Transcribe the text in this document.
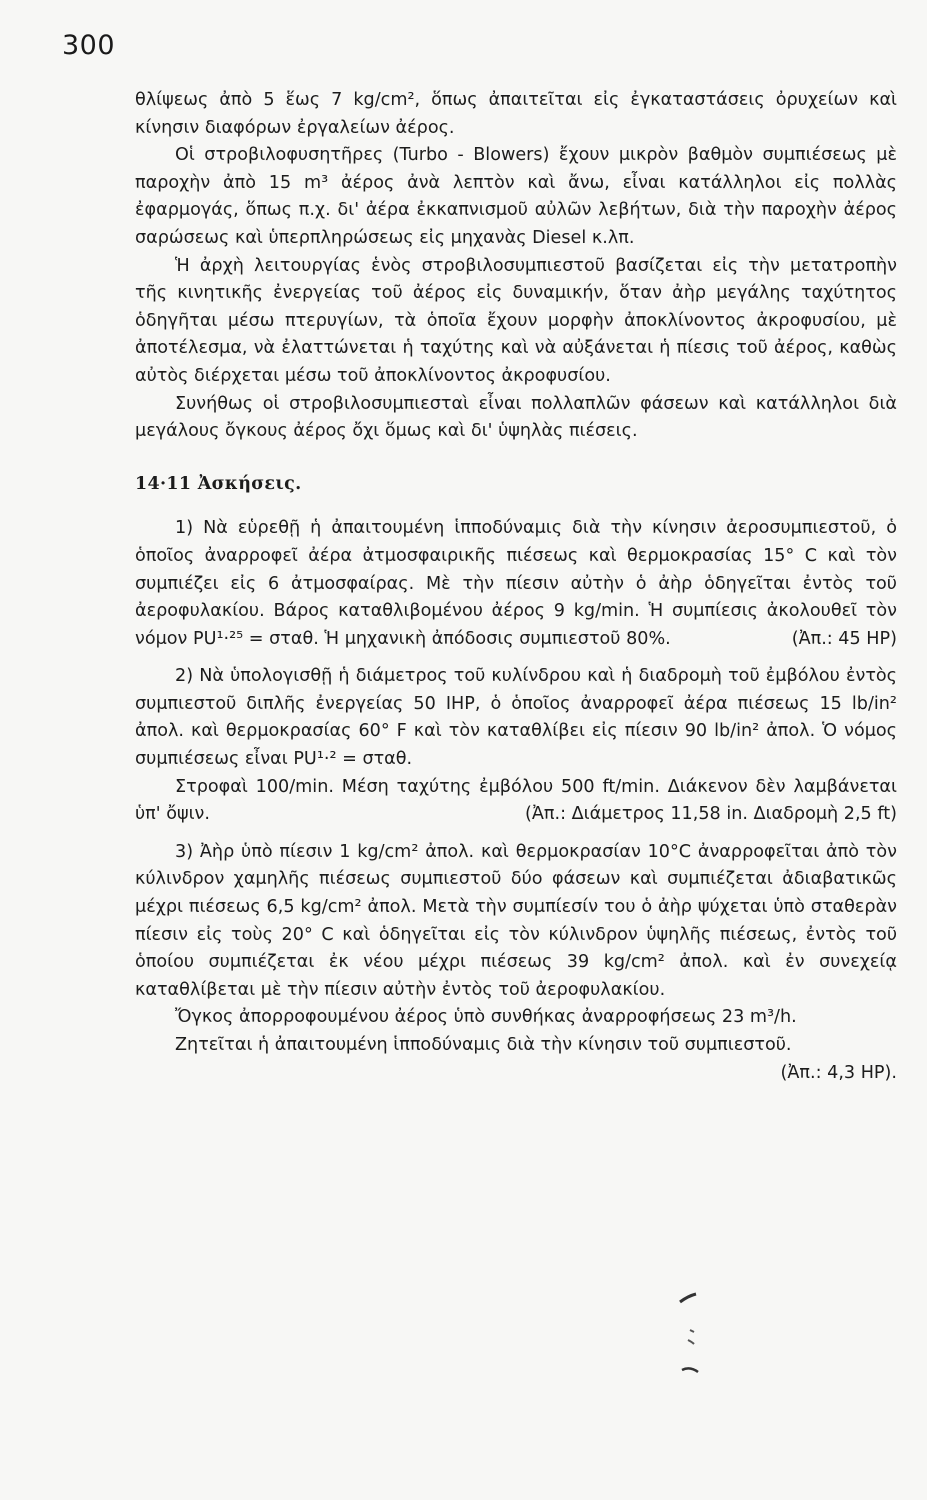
300

θλίψεως ἀπὸ 5 ἕως 7 kg/cm², ὅπως ἀπαιτεῖται εἰς ἐγκαταστάσεις ὀρυχείων καὶ κίνησιν διαφόρων ἐργαλείων ἀέρος.

Οἱ στροβιλοφυσητῆρες (Turbo - Blowers) ἔχουν μικρὸν βαθμὸν συμπιέσεως μὲ παροχὴν ἀπὸ 15 m³ ἀέρος ἀνὰ λεπτὸν καὶ ἄνω, εἶναι κατάλληλοι εἰς πολλὰς ἐφαρμογάς, ὅπως π.χ. δι' ἀέρα ἐκκαπνισμοῦ αὐλῶν λεβήτων, διὰ τὴν παροχὴν ἀέρος σαρώσεως καὶ ὑπερπληρώσεως εἰς μηχανὰς Diesel κ.λπ.

Ἡ ἀρχὴ λειτουργίας ἑνὸς στροβιλοσυμπιεστοῦ βασίζεται εἰς τὴν μετατροπὴν τῆς κινητικῆς ἐνεργείας τοῦ ἀέρος εἰς δυναμικήν, ὅταν ἀὴρ μεγάλης ταχύτητος ὁδηγῆται μέσω πτερυγίων, τὰ ὁποῖα ἔχουν μορφὴν ἀποκλίνοντος ἀκροφυσίου, μὲ ἀποτέλεσμα, νὰ ἐλαττώνεται ἡ ταχύτης καὶ νὰ αὐξάνεται ἡ πίεσις τοῦ ἀέρος, καθὼς αὐτὸς διέρχεται μέσω τοῦ ἀποκλίνοντος ἀκροφυσίου.

Συνήθως οἱ στροβιλοσυμπιεσταὶ εἶναι πολλαπλῶν φάσεων καὶ κατάλληλοι διὰ μεγάλους ὄγκους ἀέρος ὄχι ὅμως καὶ δι' ὑψηλὰς πιέσεις.

14·11 Ἀσκήσεις.

1) Νὰ εὑρεθῇ ἡ ἀπαιτουμένη ἱπποδύναμις διὰ τὴν κίνησιν ἀεροσυμπιεστοῦ, ὁ ὁποῖος ἀναρροφεῖ ἀέρα ἀτμοσφαιρικῆς πιέσεως καὶ θερμοκρασίας 15° C καὶ τὸν συμπιέζει εἰς 6 ἀτμοσφαίρας. Μὲ τὴν πίεσιν αὐτὴν ὁ ἀὴρ ὁδηγεῖται ἐντὸς τοῦ ἀεροφυλακίου. Βάρος καταθλιβομένου ἀέρος 9 kg/min. Ἡ συμπίεσις ἀκολουθεῖ τὸν νόμον PU¹·²⁵ = σταθ. Ἡ μηχανικὴ ἀπόδοσις συμπιεστοῦ 80%.	(Ἀπ.: 45 HP)

2) Νὰ ὑπολογισθῇ ἡ διάμετρος τοῦ κυλίνδρου καὶ ἡ διαδρομὴ τοῦ ἐμβόλου ἐντὸς συμπιεστοῦ διπλῆς ἐνεργείας 50 IHP, ὁ ὁποῖος ἀναρροφεῖ ἀέρα πιέσεως 15 lb/in² ἀπολ. καὶ θερμοκρασίας 60° F καὶ τὸν καταθλίβει εἰς πίεσιν 90 lb/in² ἀπολ. Ὁ νόμος συμπιέσεως εἶναι PU¹·² = σταθ.

Στροφαὶ 100/min. Μέση ταχύτης ἐμβόλου 500 ft/min. Διάκενον δὲν λαμβάνεται ὑπ' ὄψιν.	(Ἀπ.: Διάμετρος 11,58 in. Διαδρομὴ 2,5 ft)

3) Ἀὴρ ὑπὸ πίεσιν 1 kg/cm² ἀπολ. καὶ θερμοκρασίαν 10°C ἀναρροφεῖται ἀπὸ τὸν κύλινδρον χαμηλῆς πιέσεως συμπιεστοῦ δύο φάσεων καὶ συμπιέζεται ἀδιαβατικῶς μέχρι πιέσεως 6,5 kg/cm² ἀπολ. Μετὰ τὴν συμπίεσίν του ὁ ἀὴρ ψύχεται ὑπὸ σταθερὰν πίεσιν εἰς τοὺς 20° C καὶ ὁδηγεῖται εἰς τὸν κύλινδρον ὑψηλῆς πιέσεως, ἐντὸς τοῦ ὁποίου συμπιέζεται ἐκ νέου μέχρι πιέσεως 39 kg/cm² ἀπολ. καὶ ἐν συνεχείᾳ καταθλίβεται μὲ τὴν πίεσιν αὐτὴν ἐντὸς τοῦ ἀεροφυλακίου.

Ὄγκος ἀπορροφουμένου ἀέρος ὑπὸ συνθήκας ἀναρροφήσεως 23 m³/h.

Ζητεῖται ἡ ἀπαιτουμένη ἱπποδύναμις διὰ τὴν κίνησιν τοῦ συμπιεστοῦ.

(Ἀπ.: 4,3 HP).
